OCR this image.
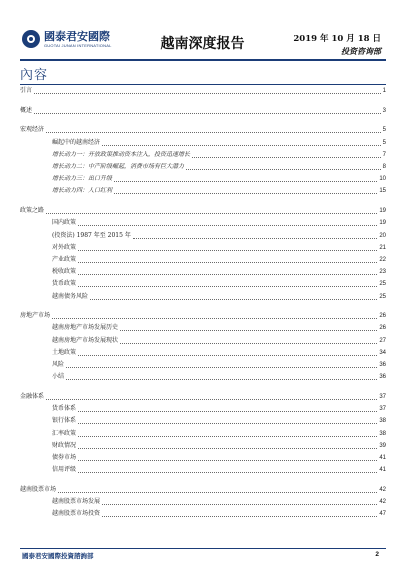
國泰君安國際
GUOTAI JUNAN INTERNATIONAL	越南深度报告	2019 年 10 月 18 日
投资咨询部
內容
引言	1
概述	3
宏观经济	5
崛起中的越南经济	5
增长动力一：开放政策推动资本注入，投资迅速增长	7
增长动力二：中产阶级崛起，消费市场有巨大潜力	8
增长动力三：出口升级	10
增长动力四：人口红利	15
政策之路	19
国内政策	19
(投资法) 1987 年至 2015 年	20
对外政策	21
产业政策	22
税收政策	23
货币政策	25
越南债务风险	25
房地产市场	26
越南房地产市场发展历史	26
越南房地产市场发展现状	27
土地政策	34
风险	36
小结	36
金融体系	37
货币体系	37
银行体系	38
汇率政策	38
财政情况	39
债券市场	41
信用评级	41
越南股票市场	42
越南股票市场发展	42
越南股票市场投资	47
國泰君安國際投資諮詢部	2
